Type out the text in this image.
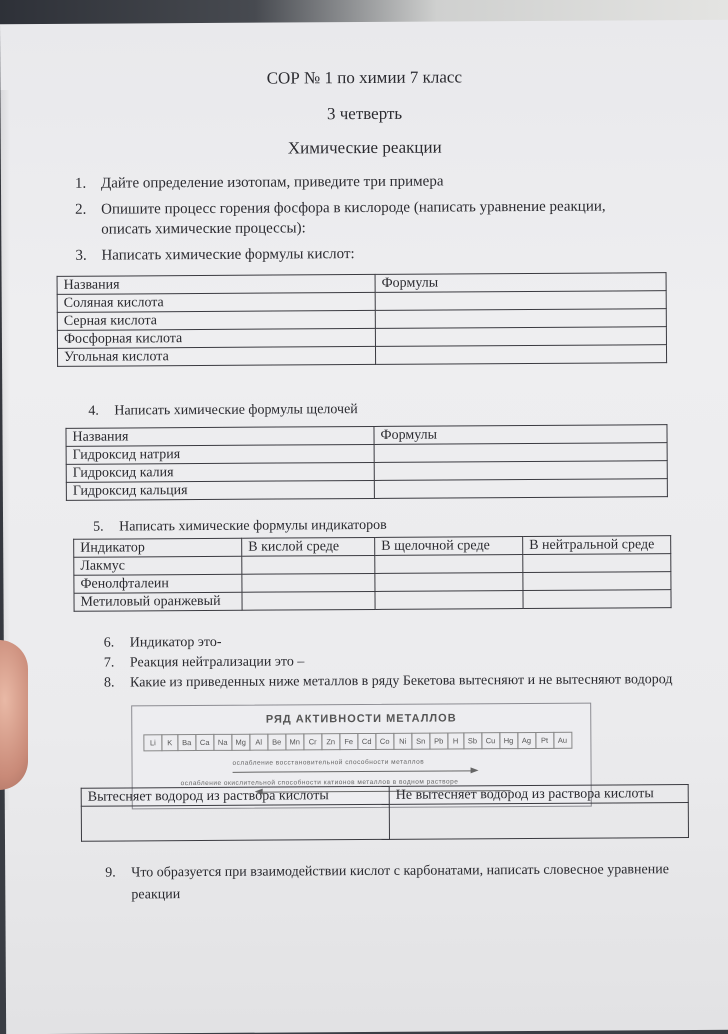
СОР № 1 по химии 7 класс
3 четверть
Химические реакции
1. Дайте определение изотопам, приведите три примера
2. Опишите процесс горения фосфора в кислороде (написать уравнение реакции,
описать химические процессы):
3. Написать химические формулы кислот:
Названия	Формулы
Соляная кислота	
Серная кислота	
Фосфорная кислота	
Угольная кислота	
4. Написать химические формулы щелочей
Названия	Формулы
Гидроксид натрия	
Гидроксид калия	
Гидроксид кальция	
5. Написать химические формулы индикаторов
Индикатор	В кислой среде	В щелочной среде	В нейтральной среде
Лакмус			
Фенолфталеин			
Метиловый оранжевый			
6. Индикатор это-
7. Реакция нейтрализации это –
8. Какие из приведенных ниже металлов в ряду Бекетова вытесняют и не вытесняют водород
РЯД АКТИВНОСТИ МЕТАЛЛОВ
Li	K	Ba	Ca	Na	Mg	Al	Be	Mn	Cr	Zn	Fe	Cd	Co	Ni	Sn	Pb	H	Sb	Cu	Hg	Ag	Pt	Au
ослабление восстановительной способности металлов
ослабление окислительной способности катионов металлов в водном растворе
Вытесняет водород из раствора кислоты	Не вытесняет водород из раствора кислоты

9. Что образуется при взаимодействии кислот с карбонатами, написать словесное уравнение
реакции
